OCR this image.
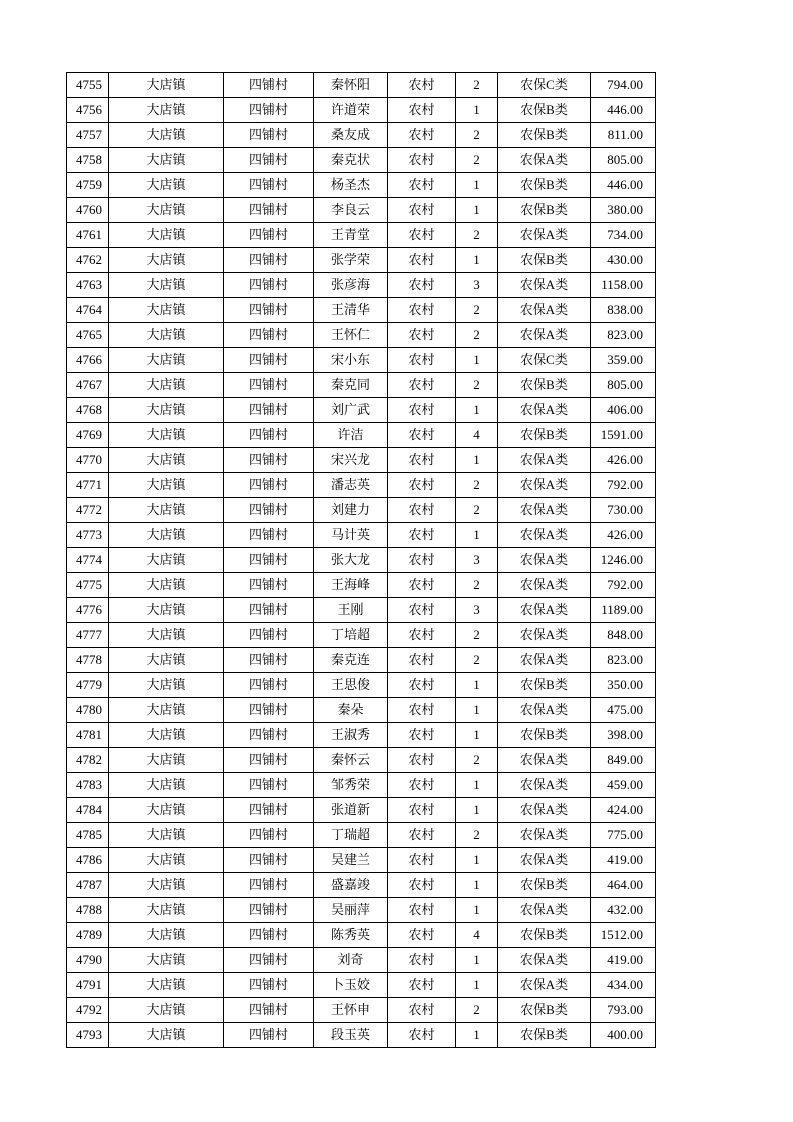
4755	大店镇	四铺村	秦怀阳	农村	2	农保C类	794.00
4756	大店镇	四铺村	许道荣	农村	1	农保B类	446.00
4757	大店镇	四铺村	桑友成	农村	2	农保B类	811.00
4758	大店镇	四铺村	秦克状	农村	2	农保A类	805.00
4759	大店镇	四铺村	杨圣杰	农村	1	农保B类	446.00
4760	大店镇	四铺村	李良云	农村	1	农保B类	380.00
4761	大店镇	四铺村	王青堂	农村	2	农保A类	734.00
4762	大店镇	四铺村	张学荣	农村	1	农保B类	430.00
4763	大店镇	四铺村	张彦海	农村	3	农保A类	1158.00
4764	大店镇	四铺村	王清华	农村	2	农保A类	838.00
4765	大店镇	四铺村	王怀仁	农村	2	农保A类	823.00
4766	大店镇	四铺村	宋小东	农村	1	农保C类	359.00
4767	大店镇	四铺村	秦克同	农村	2	农保B类	805.00
4768	大店镇	四铺村	刘广武	农村	1	农保A类	406.00
4769	大店镇	四铺村	许洁	农村	4	农保B类	1591.00
4770	大店镇	四铺村	宋兴龙	农村	1	农保A类	426.00
4771	大店镇	四铺村	潘志英	农村	2	农保A类	792.00
4772	大店镇	四铺村	刘建力	农村	2	农保A类	730.00
4773	大店镇	四铺村	马计英	农村	1	农保A类	426.00
4774	大店镇	四铺村	张大龙	农村	3	农保A类	1246.00
4775	大店镇	四铺村	王海峰	农村	2	农保A类	792.00
4776	大店镇	四铺村	王刚	农村	3	农保A类	1189.00
4777	大店镇	四铺村	丁培超	农村	2	农保A类	848.00
4778	大店镇	四铺村	秦克连	农村	2	农保A类	823.00
4779	大店镇	四铺村	王思俊	农村	1	农保B类	350.00
4780	大店镇	四铺村	秦朵	农村	1	农保A类	475.00
4781	大店镇	四铺村	王淑秀	农村	1	农保B类	398.00
4782	大店镇	四铺村	秦怀云	农村	2	农保A类	849.00
4783	大店镇	四铺村	邹秀荣	农村	1	农保A类	459.00
4784	大店镇	四铺村	张道新	农村	1	农保A类	424.00
4785	大店镇	四铺村	丁瑞超	农村	2	农保A类	775.00
4786	大店镇	四铺村	吴建兰	农村	1	农保A类	419.00
4787	大店镇	四铺村	盛嘉竣	农村	1	农保B类	464.00
4788	大店镇	四铺村	吴丽萍	农村	1	农保A类	432.00
4789	大店镇	四铺村	陈秀英	农村	4	农保B类	1512.00
4790	大店镇	四铺村	刘奇	农村	1	农保A类	419.00
4791	大店镇	四铺村	卜玉姣	农村	1	农保A类	434.00
4792	大店镇	四铺村	王怀申	农村	2	农保B类	793.00
4793	大店镇	四铺村	段玉英	农村	1	农保B类	400.00
